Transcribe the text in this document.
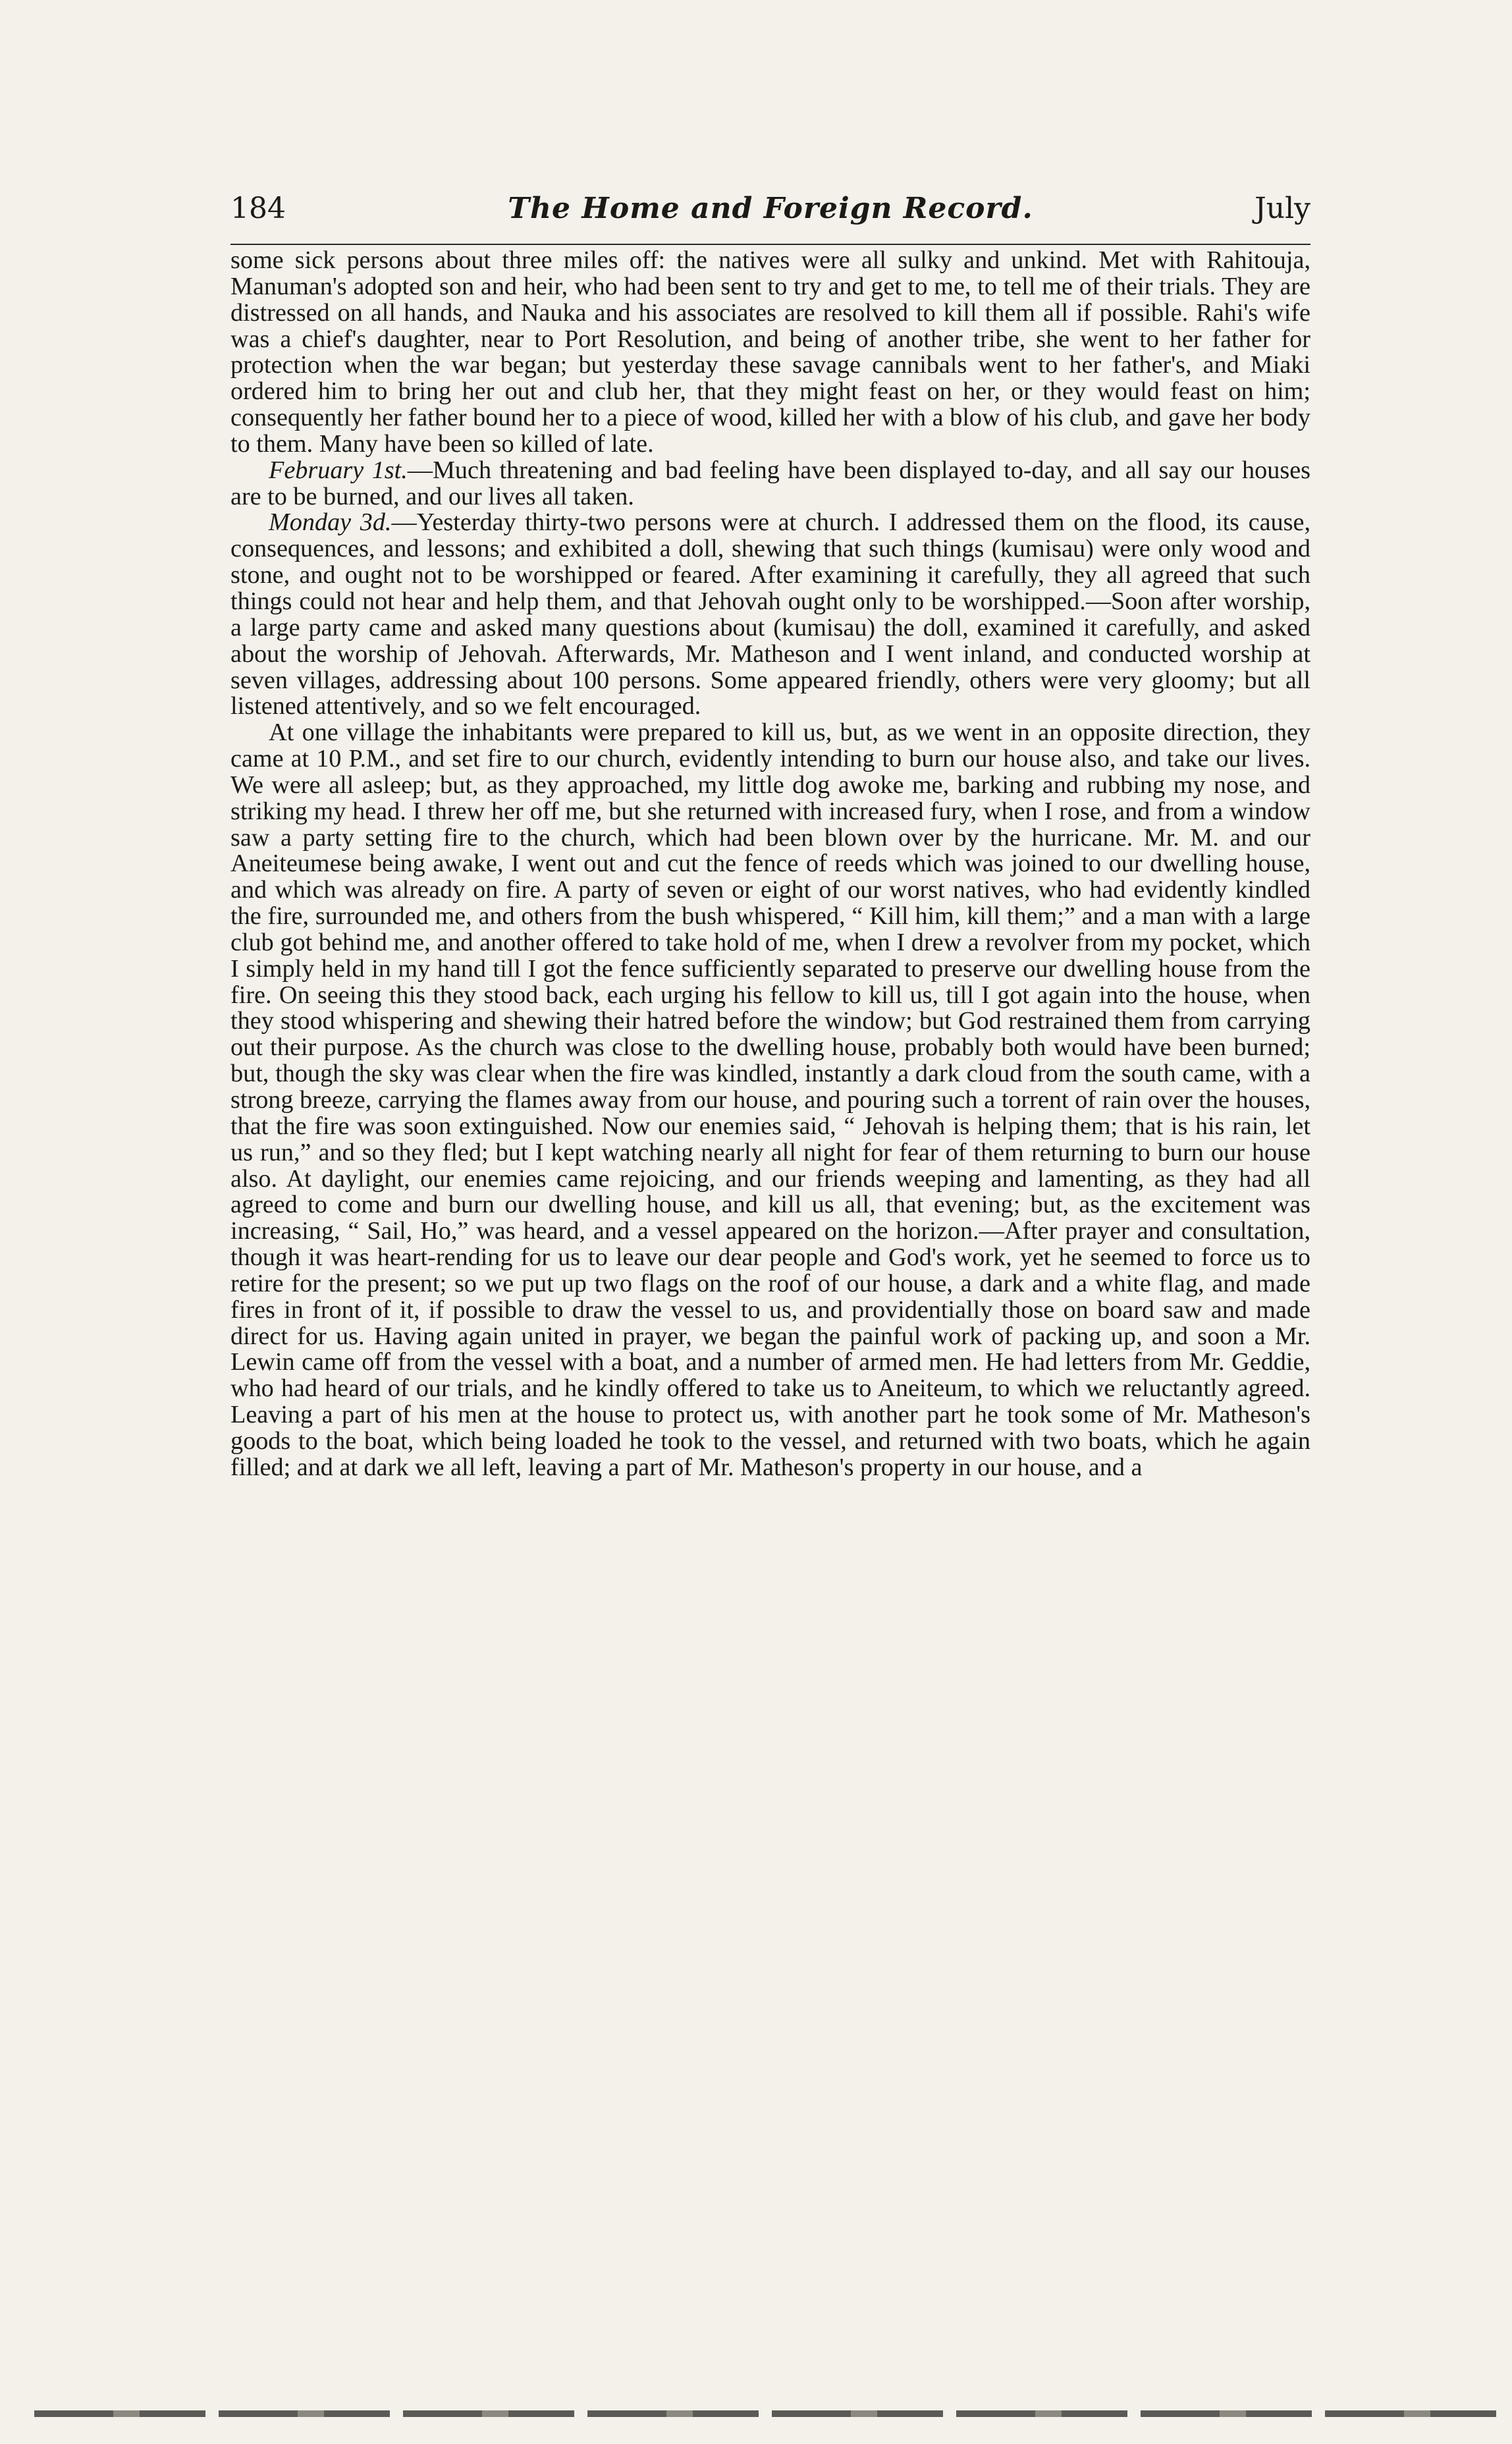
184	The Home and Foreign Record.	July

some sick persons about three miles off: the natives were all sulky and unkind. Met with Rahitouja, Manuman's adopted son and heir, who had been sent to try and get to me, to tell me of their trials. They are distressed on all hands, and Nauka and his associates are resolved to kill them all if possible. Rahi's wife was a chief's daughter, near to Port Resolution, and being of another tribe, she went to her father for protection when the war began; but yesterday these savage cannibals went to her father's, and Miaki ordered him to bring her out and club her, that they might feast on her, or they would feast on him; consequently her father bound her to a piece of wood, killed her with a blow of his club, and gave her body to them. Many have been so killed of late.

February 1st.—Much threatening and bad feeling have been displayed to-day, and all say our houses are to be burned, and our lives all taken.

Monday 3d.—Yesterday thirty-two persons were at church. I addressed them on the flood, its cause, consequences, and lessons; and exhibited a doll, shewing that such things (kumisau) were only wood and stone, and ought not to be worshipped or feared. After examining it carefully, they all agreed that such things could not hear and help them, and that Jehovah ought only to be worshipped.—Soon after worship, a large party came and asked many questions about (kumisau) the doll, examined it carefully, and asked about the worship of Jehovah. Afterwards, Mr. Matheson and I went inland, and conducted worship at seven villages, addressing about 100 persons. Some appeared friendly, others were very gloomy; but all listened attentively, and so we felt encouraged.

At one village the inhabitants were prepared to kill us, but, as we went in an opposite direction, they came at 10 P.M., and set fire to our church, evidently intending to burn our house also, and take our lives. We were all asleep; but, as they approached, my little dog awoke me, barking and rubbing my nose, and striking my head. I threw her off me, but she returned with increased fury, when I rose, and from a window saw a party setting fire to the church, which had been blown over by the hurricane. Mr. M. and our Aneiteumese being awake, I went out and cut the fence of reeds which was joined to our dwelling house, and which was already on fire. A party of seven or eight of our worst natives, who had evidently kindled the fire, surrounded me, and others from the bush whispered, “ Kill him, kill them;” and a man with a large club got behind me, and another offered to take hold of me, when I drew a revolver from my pocket, which I simply held in my hand till I got the fence sufficiently separated to preserve our dwelling house from the fire. On seeing this they stood back, each urging his fellow to kill us, till I got again into the house, when they stood whispering and shewing their hatred before the window; but God restrained them from carrying out their purpose. As the church was close to the dwelling house, probably both would have been burned; but, though the sky was clear when the fire was kindled, instantly a dark cloud from the south came, with a strong breeze, carrying the flames away from our house, and pouring such a torrent of rain over the houses, that the fire was soon extinguished. Now our enemies said, “ Jehovah is helping them; that is his rain, let us run,” and so they fled; but I kept watching nearly all night for fear of them returning to burn our house also. At daylight, our enemies came rejoicing, and our friends weeping and lamenting, as they had all agreed to come and burn our dwelling house, and kill us all, that evening; but, as the excitement was increasing, “ Sail, Ho,” was heard, and a vessel appeared on the horizon.—After prayer and consultation, though it was heart-rending for us to leave our dear people and God's work, yet he seemed to force us to retire for the present; so we put up two flags on the roof of our house, a dark and a white flag, and made fires in front of it, if possible to draw the vessel to us, and providentially those on board saw and made direct for us. Having again united in prayer, we began the painful work of packing up, and soon a Mr. Lewin came off from the vessel with a boat, and a number of armed men. He had letters from Mr. Geddie, who had heard of our trials, and he kindly offered to take us to Aneiteum, to which we reluctantly agreed. Leaving a part of his men at the house to protect us, with another part he took some of Mr. Matheson's goods to the boat, which being loaded he took to the vessel, and returned with two boats, which he again filled; and at dark we all left, leaving a part of Mr. Matheson's property in our house, and a
